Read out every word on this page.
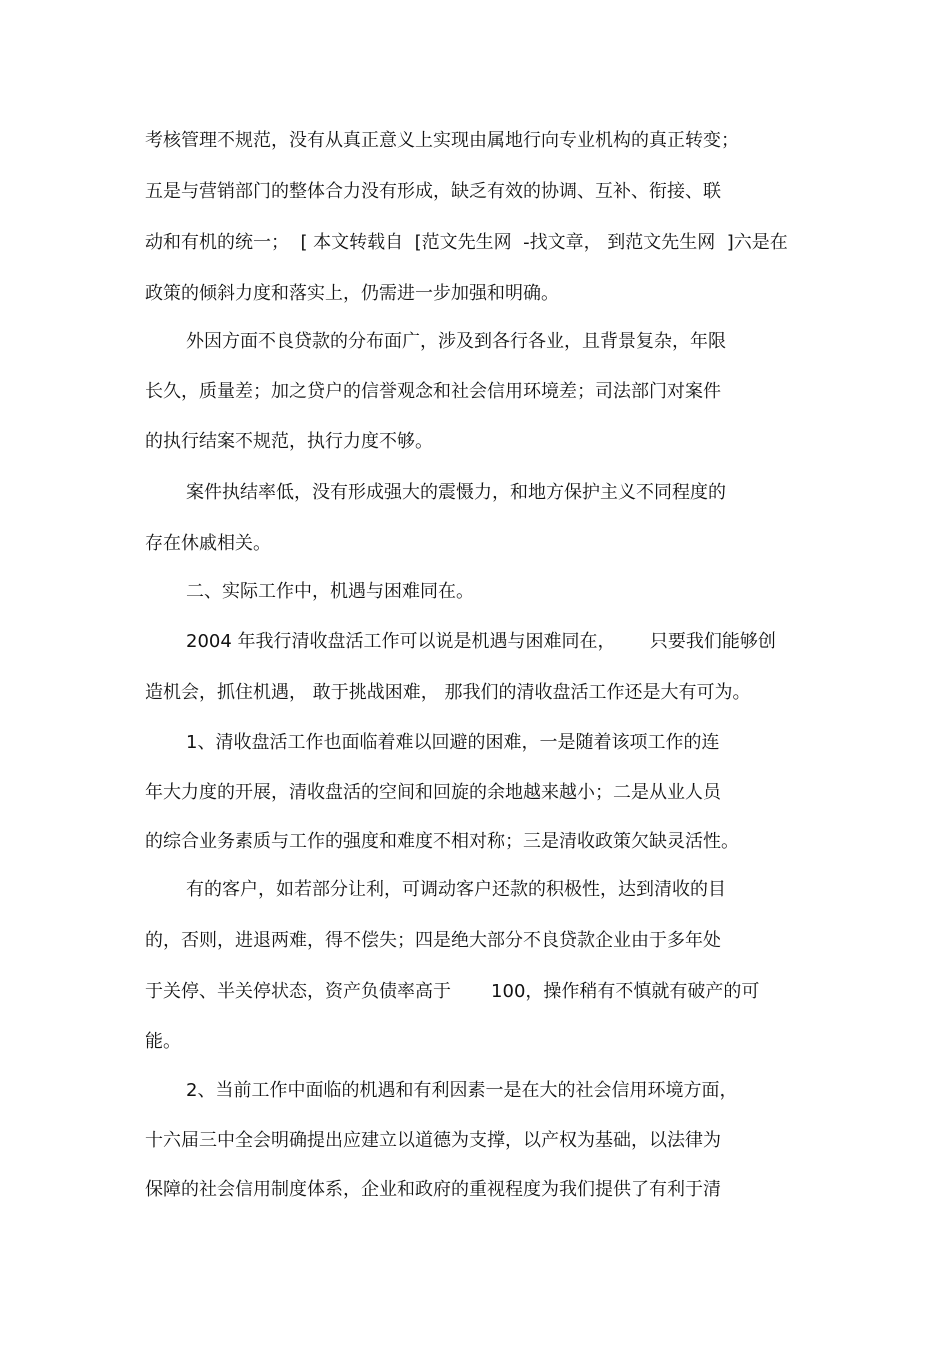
考核管理不规范，没有从真正意义上实现由属地行向专业机构的真正转变；
五是与营销部门的整体合力没有形成，缺乏有效的协调、互补、衔接、联
动和有机的统一；  [ 本文转载自  [范文先生网  -找文章， 到范文先生网  ]六是在
政策的倾斜力度和落实上，仍需进一步加强和明确。
外因方面不良贷款的分布面广，涉及到各行各业，且背景复杂，年限
长久，质量差；加之贷户的信誉观念和社会信用环境差；司法部门对案件
的执行结案不规范，执行力度不够。
案件执结率低，没有形成强大的震慑力，和地方保护主义不同程度的
存在休戚相关。
二、实际工作中，机遇与困难同在。
2004 年我行清收盘活工作可以说是机遇与困难同在，      只要我们能够创
造机会，抓住机遇， 敢于挑战困难， 那我们的清收盘活工作还是大有可为。
1、清收盘活工作也面临着难以回避的困难，一是随着该项工作的连
年大力度的开展，清收盘活的空间和回旋的余地越来越小；二是从业人员
的综合业务素质与工作的强度和难度不相对称；三是清收政策欠缺灵活性。
有的客户，如若部分让利，可调动客户还款的积极性，达到清收的目
的，否则，进退两难，得不偿失；四是绝大部分不良贷款企业由于多年处
于关停、半关停状态，资产负债率高于       100，操作稍有不慎就有破产的可
能。
2、当前工作中面临的机遇和有利因素一是在大的社会信用环境方面，
十六届三中全会明确提出应建立以道德为支撑，以产权为基础，以法律为
保障的社会信用制度体系，企业和政府的重视程度为我们提供了有利于清
